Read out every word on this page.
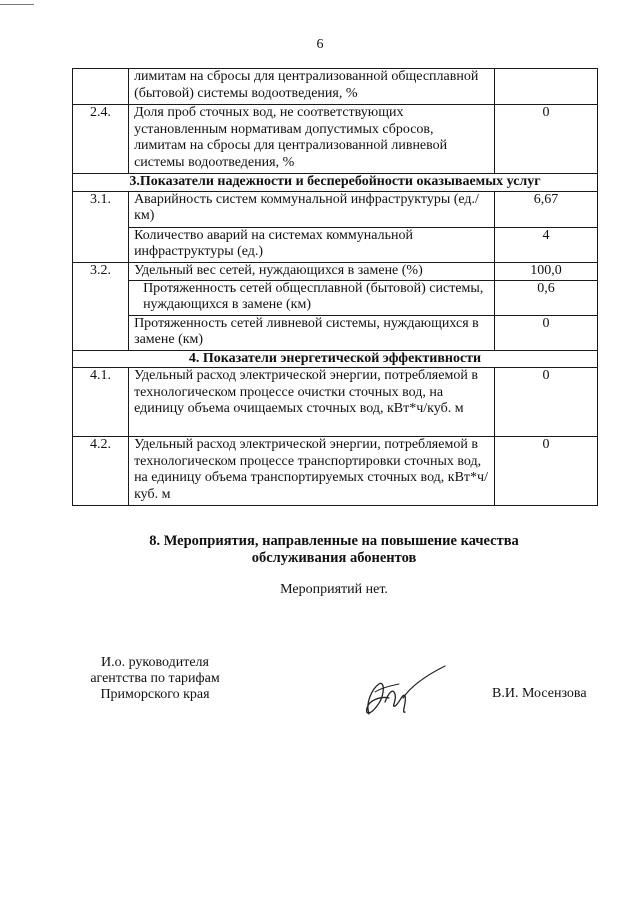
6
	лимитам на сбросы для централизованной общесплавной (бытовой) системы водоотведения, %	
2.4.	Доля проб сточных вод, не соответствующих установленным нормативам допустимых сбросов, лимитам на сбросы для централизованной ливневой системы водоотведения, %	0
3.Показатели надежности и бесперебойности оказываемых услуг		
3.1.	Аварийность систем коммунальной инфраструктуры (ед./км)	6,67
	Количество аварий на системах коммунальной инфраструктуры (ед.)	4
3.2.	Удельный вес сетей, нуждающихся в замене (%)	100,0
	Протяженность сетей общесплавной (бытовой) системы, нуждающихся в замене (км)	0,6
	Протяженность сетей ливневой системы, нуждающихся в замене (км)	0
4. Показатели энергетической эффективности		
4.1.	Удельный расход электрической энергии, потребляемой в технологическом процессе очистки сточных вод, на единицу объема очищаемых сточных вод, кВт*ч/куб. м	0
4.2.	Удельный расход электрической энергии, потребляемой в технологическом процессе транспортировки сточных вод, на единицу объема транспортируемых сточных вод, кВт*ч/куб. м	0
8. Мероприятия, направленные на повышение качества
обслуживания абонентов
Мероприятий нет.
И.о. руководителя
агентства по тарифам
Приморского края	В.И. Мосензова
